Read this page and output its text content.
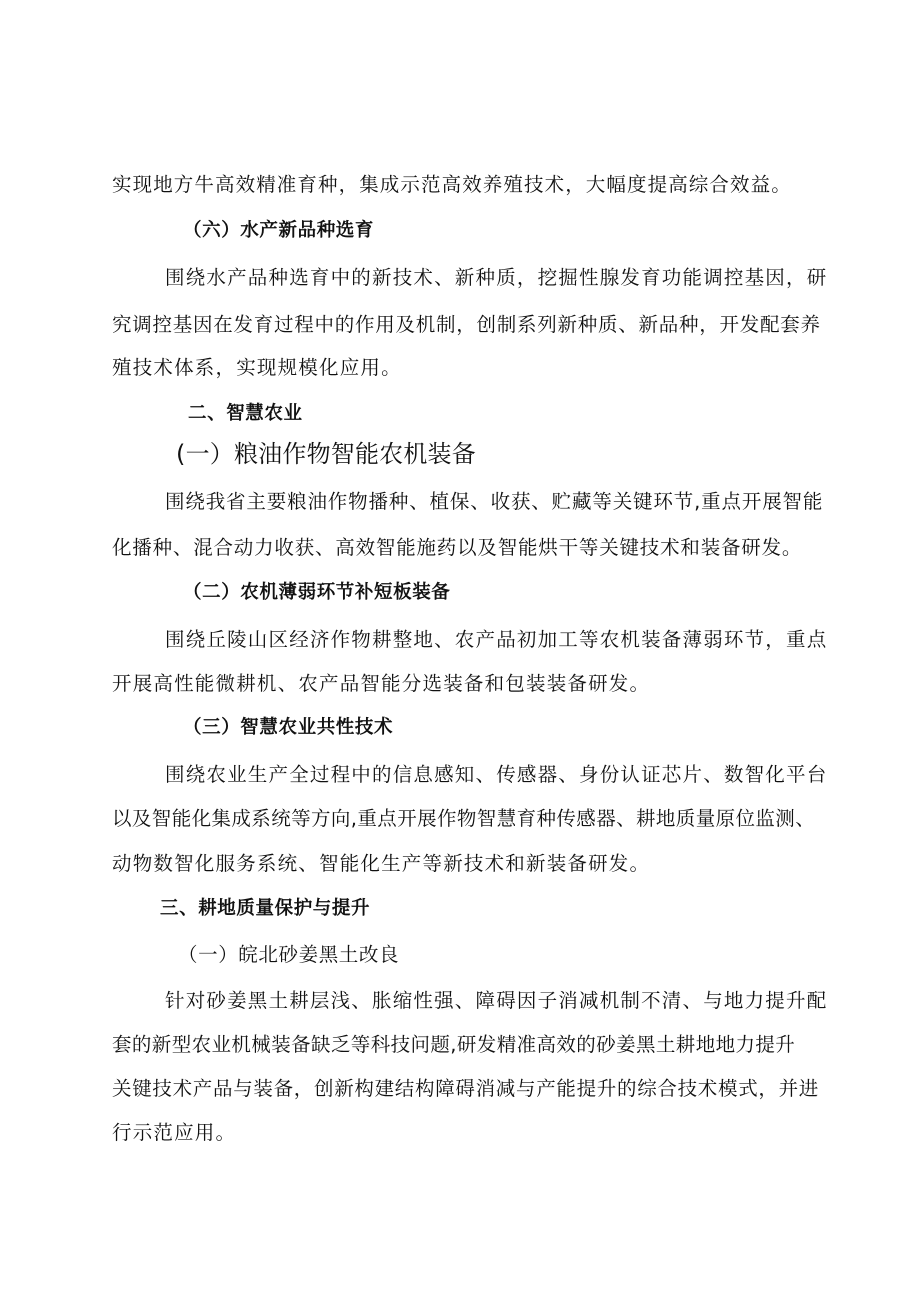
实现地方牛高效精准育种，集成示范高效养殖技术，大幅度提高综合效益。
（六）水产新品种选育
围绕水产品种选育中的新技术、新种质，挖掘性腺发育功能调控基因，研
究调控基因在发育过程中的作用及机制，创制系列新种质、新品种，开发配套养
殖技术体系，实现规模化应用。
二、智慧农业
(一）粮油作物智能农机装备
围绕我省主要粮油作物播种、植保、收获、贮藏等关键环节,重点开展智能
化播种、混合动力收获、高效智能施药以及智能烘干等关键技术和装备研发。
（二）农机薄弱环节补短板装备
围绕丘陵山区经济作物耕整地、农产品初加工等农机装备薄弱环节，重点
开展高性能微耕机、农产品智能分选装备和包装装备研发。
（三）智慧农业共性技术
围绕农业生产全过程中的信息感知、传感器、身份认证芯片、数智化平台
以及智能化集成系统等方向,重点开展作物智慧育种传感器、耕地质量原位监测、
动物数智化服务系统、智能化生产等新技术和新装备研发。
三、耕地质量保护与提升
（一）皖北砂姜黑土改良
针对砂姜黑土耕层浅、胀缩性强、障碍因子消减机制不清、与地力提升配
套的新型农业机械装备缺乏等科技问题,研发精准高效的砂姜黑土耕地地力提升
关键技术产品与装备，创新构建结构障碍消减与产能提升的综合技术模式，并进
行示范应用。
